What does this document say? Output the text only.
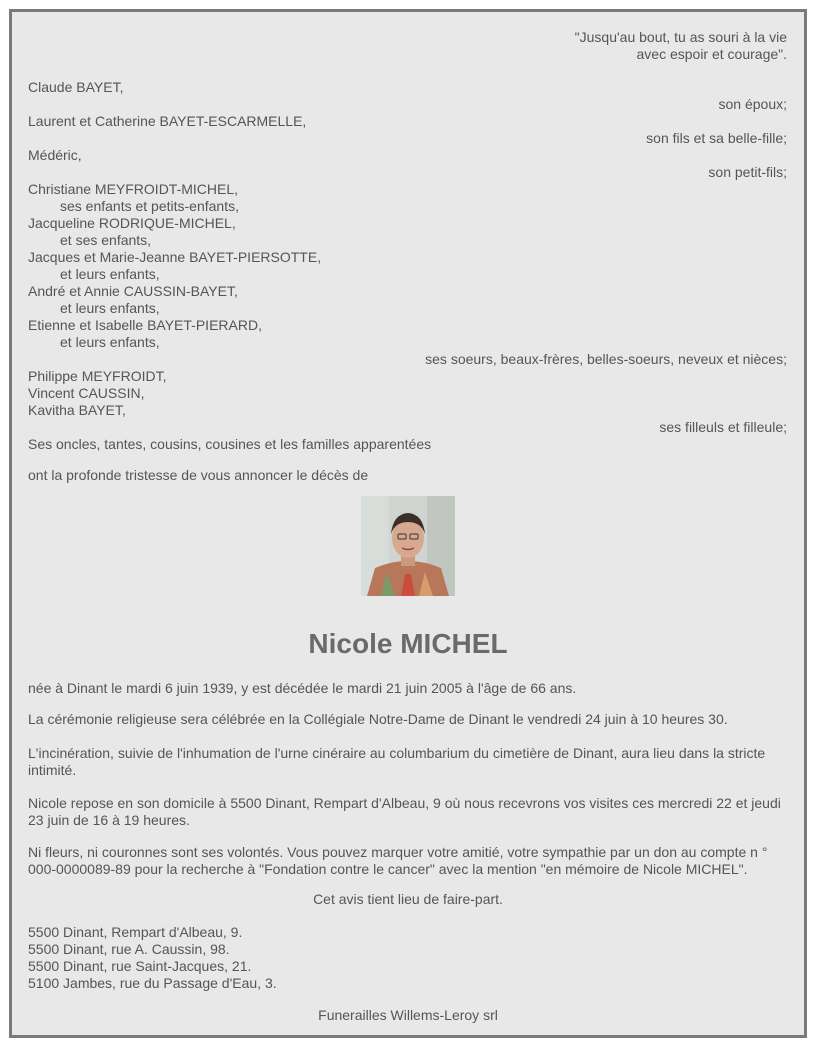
"Jusqu'au bout, tu as souri à la vie
avec espoir et courage".
Claude BAYET,
son époux;
Laurent et Catherine BAYET-ESCARMELLE,
son fils et sa belle-fille;
Médéric,
son petit-fils;
Christiane MEYFROIDT-MICHEL,
ses enfants et petits-enfants,
Jacqueline RODRIQUE-MICHEL,
et ses enfants,
Jacques et Marie-Jeanne BAYET-PIERSOTTE,
et leurs enfants,
André et Annie CAUSSIN-BAYET,
et leurs enfants,
Etienne et Isabelle BAYET-PIERARD,
et leurs enfants,
ses soeurs, beaux-frères, belles-soeurs, neveux et nièces;
Philippe MEYFROIDT,
Vincent CAUSSIN,
Kavitha BAYET,
ses filleuls et filleule;
Ses oncles, tantes, cousins, cousines et les familles apparentées
ont la profonde tristesse de vous annoncer le décès de
Nicole MICHEL
née à Dinant le mardi 6 juin 1939, y est décédée le mardi 21 juin 2005 à l'âge de 66 ans.
La cérémonie religieuse sera célébrée en la Collégiale Notre-Dame de Dinant le vendredi 24 juin à 10 heures 30.
L'incinération, suivie de l'inhumation de l'urne cinéraire au columbarium du cimetière de Dinant, aura lieu dans la stricte intimité.
Nicole repose en son domicile à 5500 Dinant, Rempart d'Albeau, 9 où nous recevrons vos visites ces mercredi 22 et jeudi 23 juin de 16 à 19 heures.
Ni fleurs, ni couronnes sont ses volontés. Vous pouvez marquer votre amitié, votre sympathie par un don au compte n ° 000-0000089-89 pour la recherche à "Fondation contre le cancer" avec la mention "en mémoire de Nicole MICHEL".
Cet avis tient lieu de faire-part.
5500 Dinant, Rempart d'Albeau, 9.
5500 Dinant, rue A. Caussin, 98.
5500 Dinant, rue Saint-Jacques, 21.
5100 Jambes, rue du Passage d'Eau, 3.
Funerailles Willems-Leroy srl
